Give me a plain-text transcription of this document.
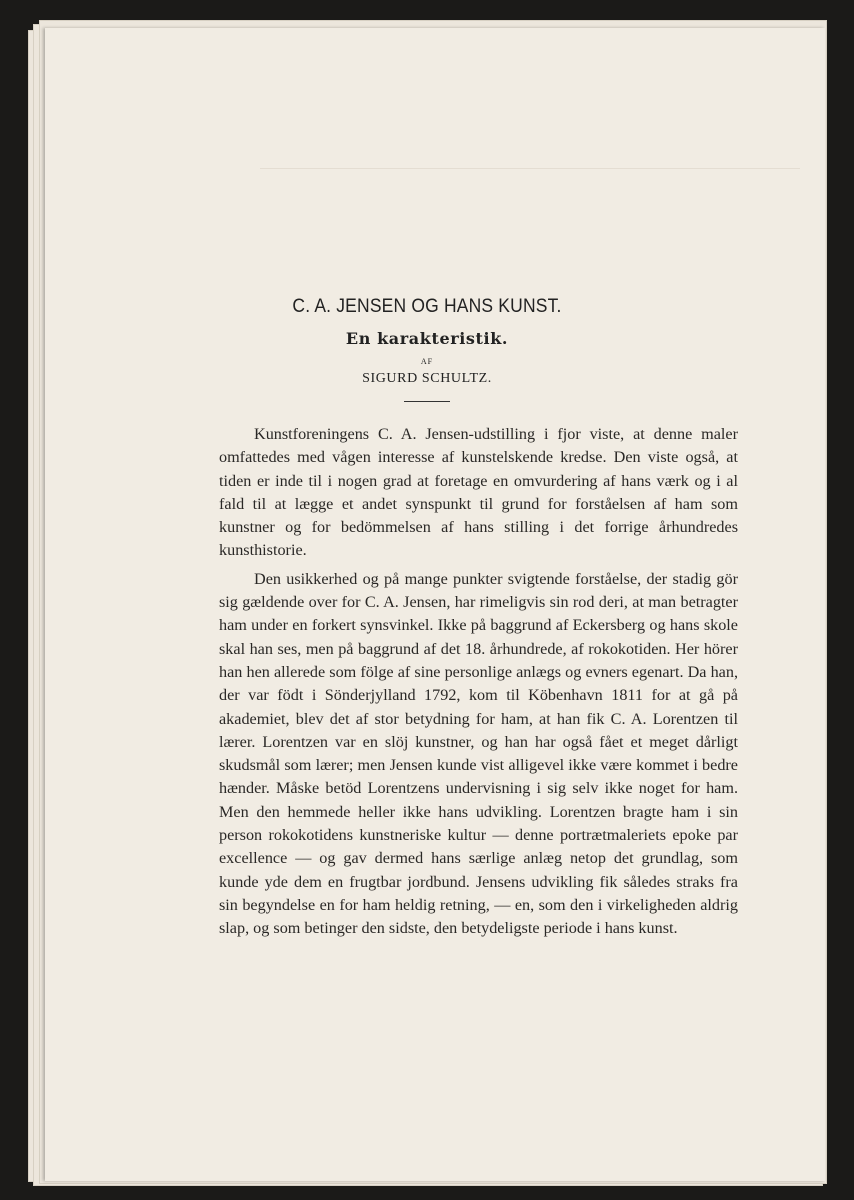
C. A. JENSEN OG HANS KUNST.
En karakteristik.
AF
SIGURD SCHULTZ.

Kunstforeningens C. A. Jensen-udstilling i fjor viste, at denne maler omfattedes med vågen interesse af kunstelskende kredse. Den viste også, at tiden er inde til i nogen grad at foretage en omvurdering af hans værk og i al fald til at lægge et andet synspunkt til grund for forståelsen af ham som kunstner og for bedömmelsen af hans stilling i det forrige århundredes kunsthistorie.

Den usikkerhed og på mange punkter svigtende forståelse, der stadig gör sig gældende over for C. A. Jensen, har rimeligvis sin rod deri, at man betragter ham under en forkert synsvinkel. Ikke på baggrund af Eckersberg og hans skole skal han ses, men på baggrund af det 18. århundrede, af rokokotiden. Her hörer han hen allerede som fölge af sine personlige anlægs og evners egenart. Da han, der var födt i Sönderjylland 1792, kom til Köbenhavn 1811 for at gå på akademiet, blev det af stor betydning for ham, at han fik C. A. Lorentzen til lærer. Lorentzen var en slöj kunstner, og han har også fået et meget dårligt skudsmål som lærer; men Jensen kunde vist alligevel ikke være kommet i bedre hænder. Måske betöd Lorentzens undervisning i sig selv ikke noget for ham. Men den hemmede heller ikke hans udvikling. Lorentzen bragte ham i sin person rokokotidens kunstneriske kultur — denne portrætmaleriets epoke par excellence — og gav dermed hans særlige anlæg netop det grundlag, som kunde yde dem en frugtbar jordbund. Jensens udvikling fik således straks fra sin begyndelse en for ham heldig retning, — en, som den i virkeligheden aldrig slap, og som betinger den sidste, den betydeligste periode i hans kunst.
